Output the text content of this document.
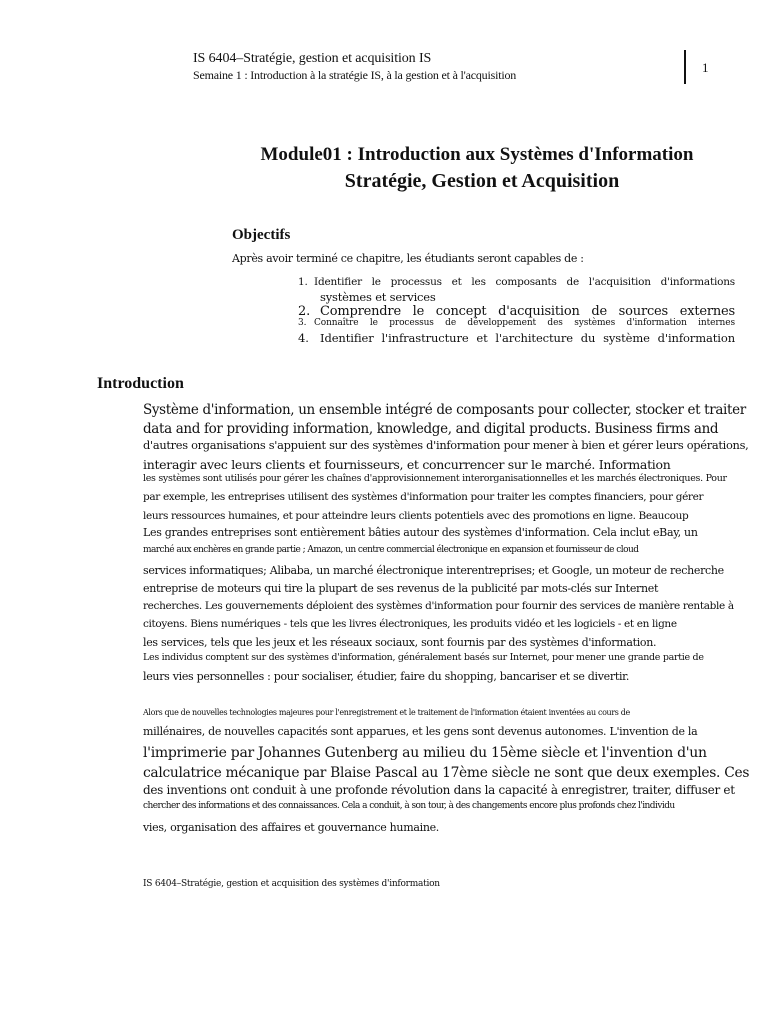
IS 6404–Stratégie, gestion et acquisition IS
Semaine 1 : Introduction à la stratégie IS, à la gestion et à l'acquisition	1
Module01 : Introduction aux Systèmes d'Information
Stratégie, Gestion et Acquisition
Objectifs
Après avoir terminé ce chapitre, les étudiants seront capables de :
1. Identifier le processus et les composants de l'acquisition d'informations
systèmes et services
2. Comprendre le concept d'acquisition de sources externes
3. Connaître le processus de développement des systèmes d'information internes
4. Identifier l'infrastructure et l'architecture du système d'information
Introduction
Système d'information, un ensemble intégré de composants pour collecter, stocker et traiter
data and for providing information, knowledge, and digital products. Business firms and
d'autres organisations s'appuient sur des systèmes d'information pour mener à bien et gérer leurs opérations,
interagir avec leurs clients et fournisseurs, et concurrencer sur le marché. Information
les systèmes sont utilisés pour gérer les chaînes d'approvisionnement interorganisationnelles et les marchés électroniques. Pour
par exemple, les entreprises utilisent des systèmes d'information pour traiter les comptes financiers, pour gérer
leurs ressources humaines, et pour atteindre leurs clients potentiels avec des promotions en ligne. Beaucoup
Les grandes entreprises sont entièrement bâties autour des systèmes d'information. Cela inclut eBay, un
marché aux enchères en grande partie ; Amazon, un centre commercial électronique en expansion et fournisseur de cloud
services informatiques; Alibaba, un marché électronique interentreprises; et Google, un moteur de recherche
entreprise de moteurs qui tire la plupart de ses revenus de la publicité par mots-clés sur Internet
recherches. Les gouvernements déploient des systèmes d'information pour fournir des services de manière rentable à
citoyens. Biens numériques - tels que les livres électroniques, les produits vidéo et les logiciels - et en ligne
les services, tels que les jeux et les réseaux sociaux, sont fournis par des systèmes d'information.
Les individus comptent sur des systèmes d'information, généralement basés sur Internet, pour mener une grande partie de
leurs vies personnelles : pour socialiser, étudier, faire du shopping, bancariser et se divertir.
Alors que de nouvelles technologies majeures pour l'enregistrement et le traitement de l'information étaient inventées au cours de
millénaires, de nouvelles capacités sont apparues, et les gens sont devenus autonomes. L'invention de la
l'imprimerie par Johannes Gutenberg au milieu du 15ème siècle et l'invention d'un
calculatrice mécanique par Blaise Pascal au 17ème siècle ne sont que deux exemples. Ces
des inventions ont conduit à une profonde révolution dans la capacité à enregistrer, traiter, diffuser et
chercher des informations et des connaissances. Cela a conduit, à son tour, à des changements encore plus profonds chez l'individu
vies, organisation des affaires et gouvernance humaine.
IS 6404–Stratégie, gestion et acquisition des systèmes d'information
